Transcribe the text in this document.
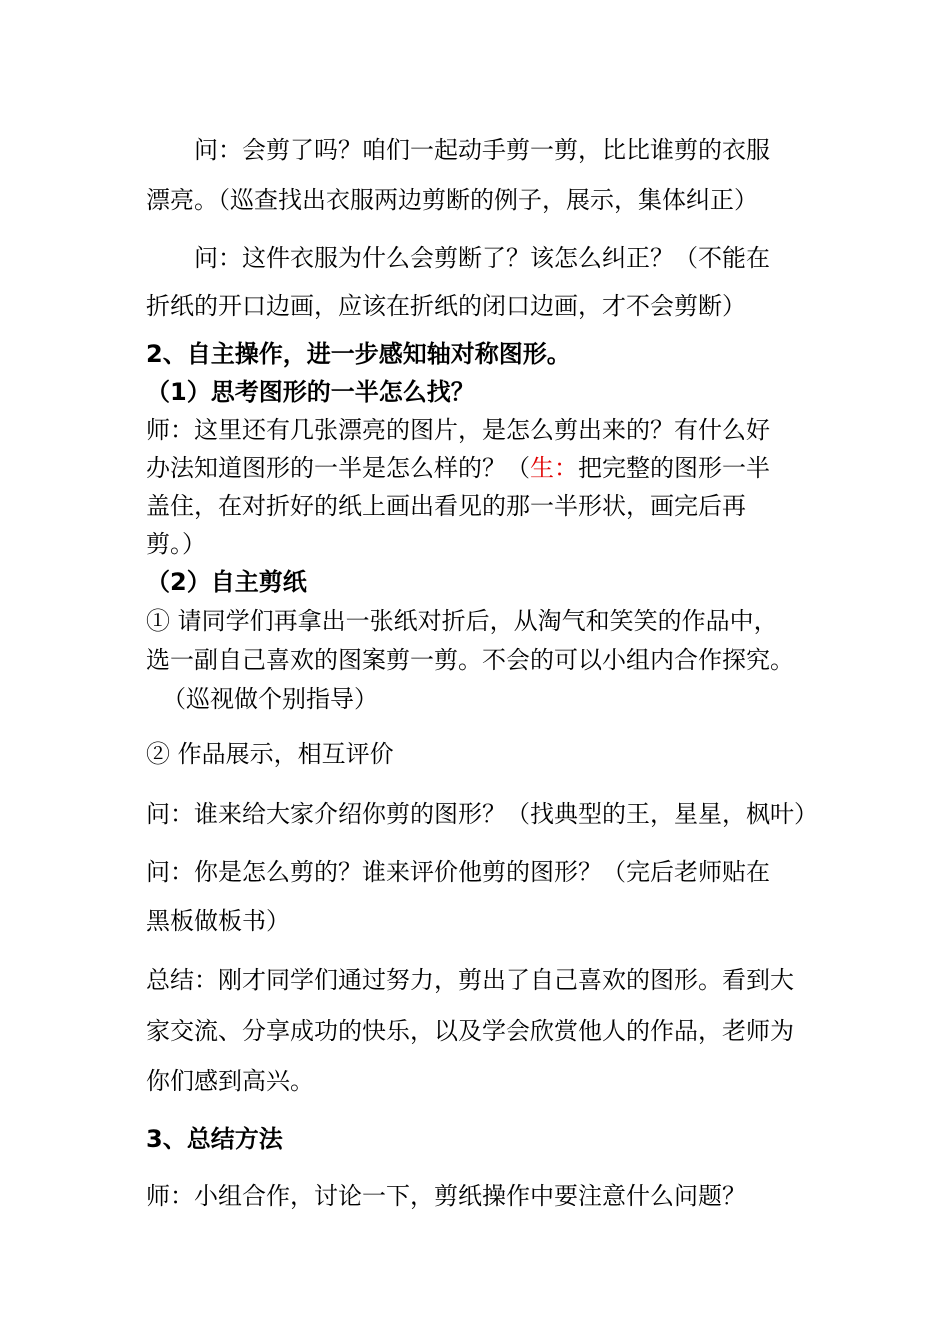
问：会剪了吗？咱们一起动手剪一剪，比比谁剪的衣服
漂亮。（巡查找出衣服两边剪断的例子，展示，集体纠正）
问：这件衣服为什么会剪断了？该怎么纠正？（不能在
折纸的开口边画，应该在折纸的闭口边画，才不会剪断）
2、自主操作，进一步感知轴对称图形。
（1）思考图形的一半怎么找？
师：这里还有几张漂亮的图片，是怎么剪出来的？有什么好
办法知道图形的一半是怎么样的？（生：把完整的图形一半
盖住，在对折好的纸上画出看见的那一半形状，画完后再
剪。）
（2）自主剪纸
① 请同学们再拿出一张纸对折后，从淘气和笑笑的作品中，
选一副自己喜欢的图案剪一剪。不会的可以小组内合作探究。
（巡视做个别指导）
② 作品展示，相互评价
问：谁来给大家介绍你剪的图形？（找典型的王，星星，枫叶）
问：你是怎么剪的？谁来评价他剪的图形？（完后老师贴在
黑板做板书）
总结：刚才同学们通过努力，剪出了自己喜欢的图形。看到大
家交流、分享成功的快乐，以及学会欣赏他人的作品，老师为
你们感到高兴。
3、总结方法
师：小组合作，讨论一下，剪纸操作中要注意什么问题？
